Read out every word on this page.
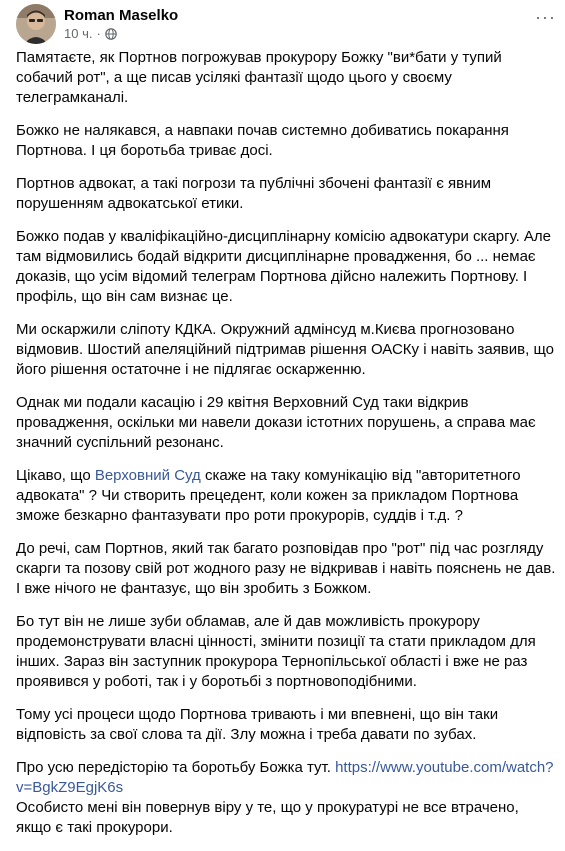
Roman Maselko
10 ч. ·
···

Памятаєте, як Портнов погрожував прокурору Божку "ви*бати у тупий собачий рот", а ще писав усілякі фантазії щодо цього у своєму телеграмканалі.

Божко не налякався, а навпаки почав системно добиватись покарання Портнова. І ця боротьба триває досі.

Портнов адвокат, а такі погрози та публічні збочені фантазії є явним порушенням адвокатської етики.

Божко подав у кваліфікаційно-дисциплінарну комісію адвокатури скаргу. Але там відмовились бодай відкрити дисциплінарне провадження, бо ... немає доказів, що усім відомий телеграм Портнова дійсно належить Портнову. І профіль, що він сам визнає це.

Ми оскаржили сліпоту КДКА. Окружний адмінсуд м.Києва прогнозовано відмовив. Шостий апеляційний підтримав рішення ОАСКу і навіть заявив, що його рішення остаточне і не підлягає оскарженню.

Однак ми подали касацію і 29 квітня Верховний Суд таки відкрив провадження, оскільки ми навели докази істотних порушень, а справа має значний суспільний резонанс.

Цікаво, що Верховний Суд скаже на таку комунікацію від "авторитетного адвоката" ? Чи створить прецедент, коли кожен за прикладом Портнова зможе безкарно фантазувати про роти прокурорів, суддів і т.д. ?

До речі, сам Портнов, який так багато розповідав про "рот" під час розгляду скарги та позову свій рот жодного разу не відкривав і навіть пояснень не дав. І вже нічого не фантазує, що він зробить з Божком.

Бо тут він не лише зуби обламав, але й дав можливість прокурору продемонструвати власні цінності, змінити позиції та стати прикладом для інших. Зараз він заступник прокурора Тернопільської області і вже не раз проявився у роботі, так і у боротьбі з портновоподібними.

Тому усі процеси щодо Портнова тривають і ми впевнені, що він таки відповість за свої слова та дії. Злу можна і треба давати по зубах.

Про усю передісторію та боротьбу Божка тут. https://www.youtube.com/watch?v=BgkZ9EgjK6s
Особисто мені він повернув віру у те, що у прокуратурі не все втрачено, якщо є такі прокурори.
